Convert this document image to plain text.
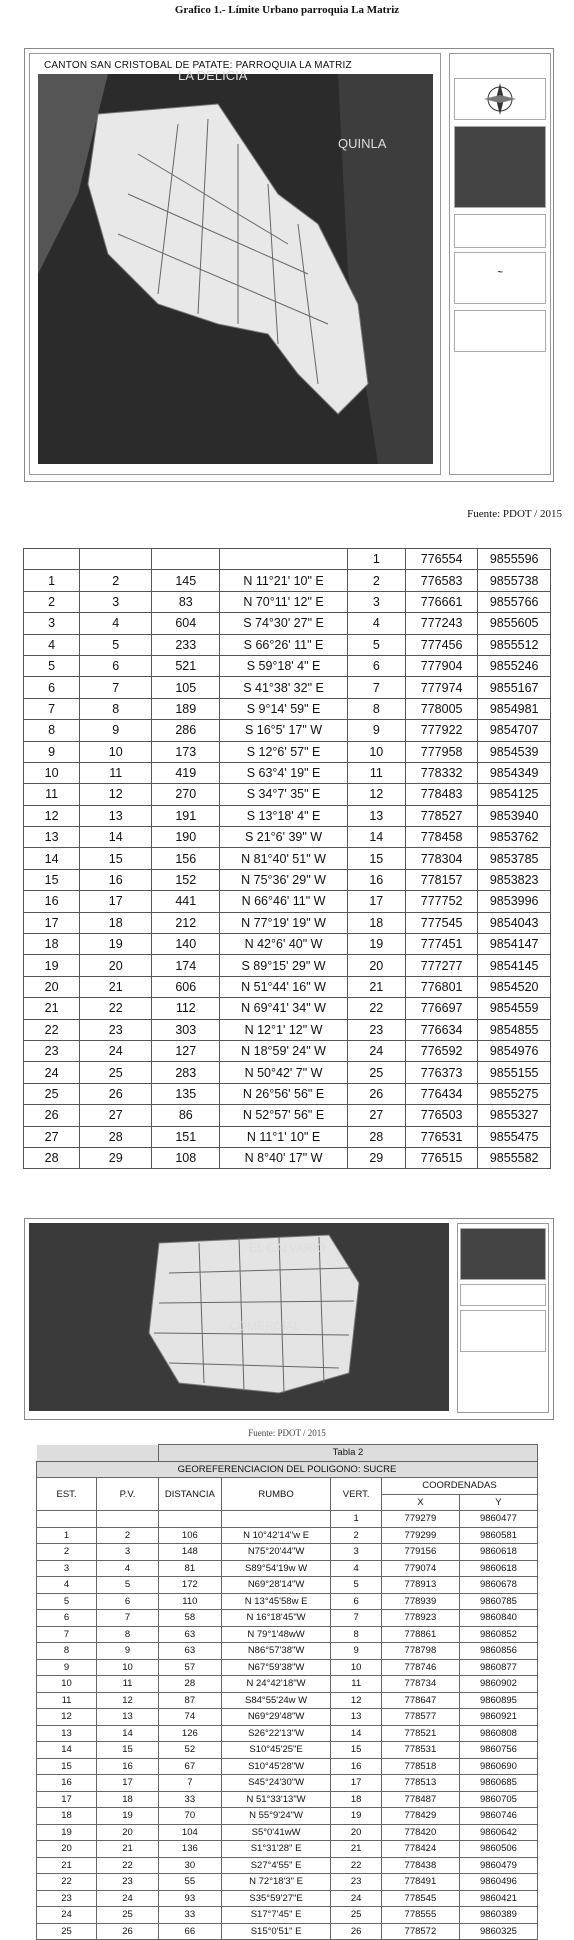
Grafico 1.- Límite Urbano parroquia La Matriz
CANTON SAN CRISTOBAL DE PATATE: PARROQUIA LA MATRIZ
LA DELICIA
QUINLA
~
Fuente: PDOT / 2015
				1	776554	9855596
1	2	145	N 11°21' 10" E	2	776583	9855738
2	3	83	N 70°11' 12" E	3	776661	9855766
3	4	604	S 74°30' 27" E	4	777243	9855605
4	5	233	S 66°26' 11" E	5	777456	9855512
5	6	521	S 59°18' 4" E	6	777904	9855246
6	7	105	S 41°38' 32" E	7	777974	9855167
7	8	189	S 9°14' 59" E	8	778005	9854981
8	9	286	S 16°5' 17" W	9	777922	9854707
9	10	173	S 12°6' 57" E	10	777958	9854539
10	11	419	S 63°4' 19" E	11	778332	9854349
11	12	270	S 34°7' 35" E	12	778483	9854125
12	13	191	S 13°18' 4" E	13	778527	9853940
13	14	190	S 21°6' 39" W	14	778458	9853762
14	15	156	N 81°40' 51" W	15	778304	9853785
15	16	152	N 75°36' 29" W	16	778157	9853823
16	17	441	N 66°46' 11" W	17	777752	9853996
17	18	212	N 77°19' 19" W	18	777545	9854043
18	19	140	N 42°6' 40" W	19	777451	9854147
19	20	174	S 89°15' 29" W	20	777277	9854145
20	21	606	N 51°44' 16" W	21	776801	9854520
21	22	112	N 69°41' 34" W	22	776697	9854559
22	23	303	N 12°1' 12" W	23	776634	9854855
23	24	127	N 18°59' 24" W	24	776592	9854976
24	25	283	N 50°42' 7" W	25	776373	9855155
25	26	135	N 26°56' 56" E	26	776434	9855275
26	27	86	N 52°57' 56" E	27	776503	9855327
27	28	151	N 11°1' 10" E	28	776531	9855475
28	29	108	N 8°40' 17" W	29	776515	9855582
EL CALVARIO
COMERCIAL
Fuente: PDOT / 2015
		Tabla 2				
GEOREFERENCIACION DEL POLIGONO: SUCRE						
EST.	P.V.	DISTANCIA	RUMBO	VERT.	COORDENADAS	
					X	Y
				1	779279	9860477
1	2	106	N 10°42'14"w E	2	779299	9860581
2	3	148	N75°20'44"W	3	779156	9860618
3	4	81	S89°54'19w W	4	779074	9860618
4	5	172	N69°28'14"W	5	778913	9860678
5	6	110	N 13°45'58w E	6	778939	9860785
6	7	58	N 16°18'45"W	7	778923	9860840
7	8	63	N 79°1'48wW	8	778861	9860852
8	9	63	N86°57'38"W	9	778798	9860856
9	10	57	N67°59'38"W	10	778746	9860877
10	11	28	N 24°42'18"W	11	778734	9860902
11	12	87	S84°55'24w W	12	778647	9860895
12	13	74	N69°29'48"W	13	778577	9860921
13	14	126	S26°22'13"W	14	778521	9860808
14	15	52	S10°45'25"E	15	778531	9860756
15	16	67	S10°45'28"W	16	778518	9860690
16	17	7	S45°24'30"W	17	778513	9860685
17	18	33	N 51°33'13"W	18	778487	9860705
18	19	70	N 55°9'24"W	19	778429	9860746
19	20	104	S5°0'41wW	20	778420	9860642
20	21	136	S1°31'28" E	21	778424	9860506
21	22	30	S27°4'55" E	22	778438	9860479
22	23	55	N 72°18'3" E	23	778491	9860496
23	24	93	S35°59'27"E	24	778545	9860421
24	25	33	S17°7'45" E	25	778555	9860389
25	26	66	S15°0'51" E	26	778572	9860325
